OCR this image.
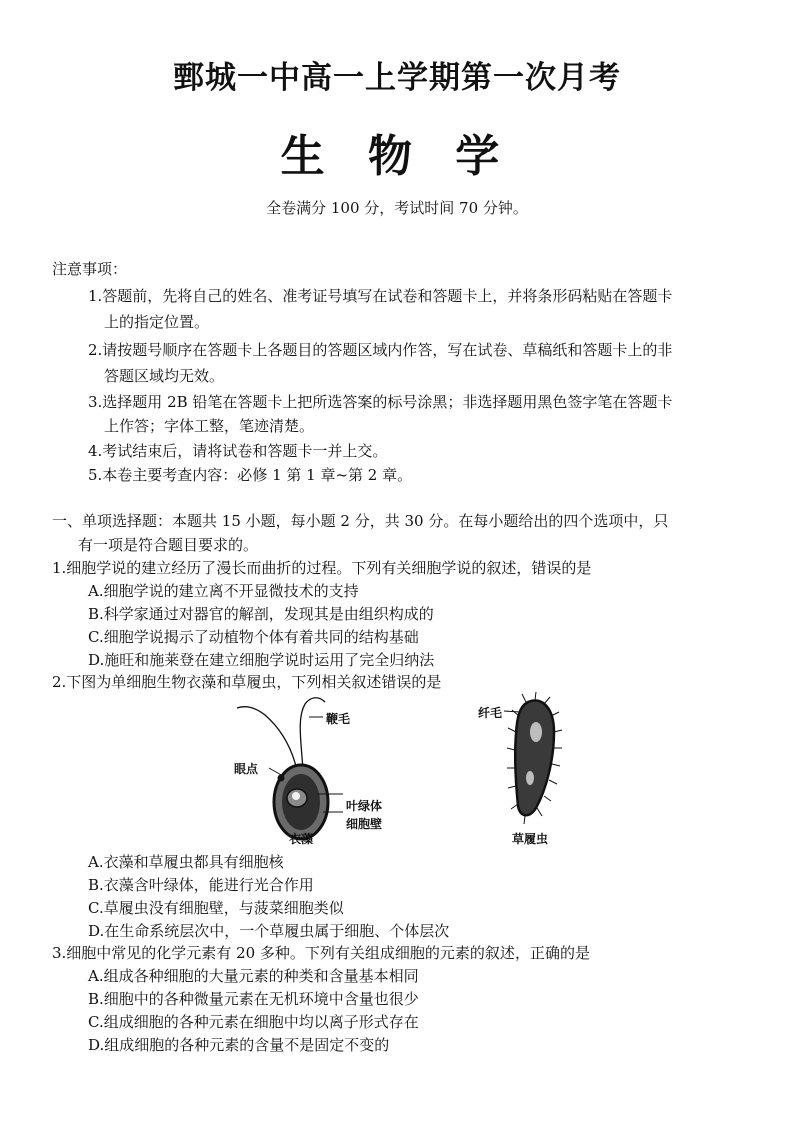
鄄城一中高一上学期第一次月考
生 物 学
全卷满分 100 分，考试时间 70 分钟。
注意事项：
1.答题前，先将自己的姓名、准考证号填写在试卷和答题卡上，并将条形码粘贴在答题卡
上的指定位置。
2.请按题号顺序在答题卡上各题目的答题区域内作答，写在试卷、草稿纸和答题卡上的非
答题区域均无效。
3.选择题用 2B 铅笔在答题卡上把所选答案的标号涂黑；非选择题用黑色签字笔在答题卡
上作答；字体工整，笔迹清楚。
4.考试结束后，请将试卷和答题卡一并上交。
5.本卷主要考查内容：必修 1 第 1 章~第 2 章。
一、单项选择题：本题共 15 小题，每小题 2 分，共 30 分。在每小题给出的四个选项中，只
有一项是符合题目要求的。
1.细胞学说的建立经历了漫长而曲折的过程。下列有关细胞学说的叙述，错误的是
A.细胞学说的建立离不开显微技术的支持
B.科学家通过对器官的解剖，发现其是由组织构成的
C.细胞学说揭示了动植物个体有着共同的结构基础
D.施旺和施莱登在建立细胞学说时运用了完全归纳法
2.下图为单细胞生物衣藻和草履虫，下列相关叙述错误的是
鞭毛
眼点
叶绿体
细胞壁
衣藻
纤毛
草履虫
A.衣藻和草履虫都具有细胞核
B.衣藻含叶绿体，能进行光合作用
C.草履虫没有细胞壁，与菠菜细胞类似
D.在生命系统层次中，一个草履虫属于细胞、个体层次
3.细胞中常见的化学元素有 20 多种。下列有关组成细胞的元素的叙述，正确的是
A.组成各种细胞的大量元素的种类和含量基本相同
B.细胞中的各种微量元素在无机环境中含量也很少
C.组成细胞的各种元素在细胞中均以离子形式存在
D.组成细胞的各种元素的含量不是固定不变的
